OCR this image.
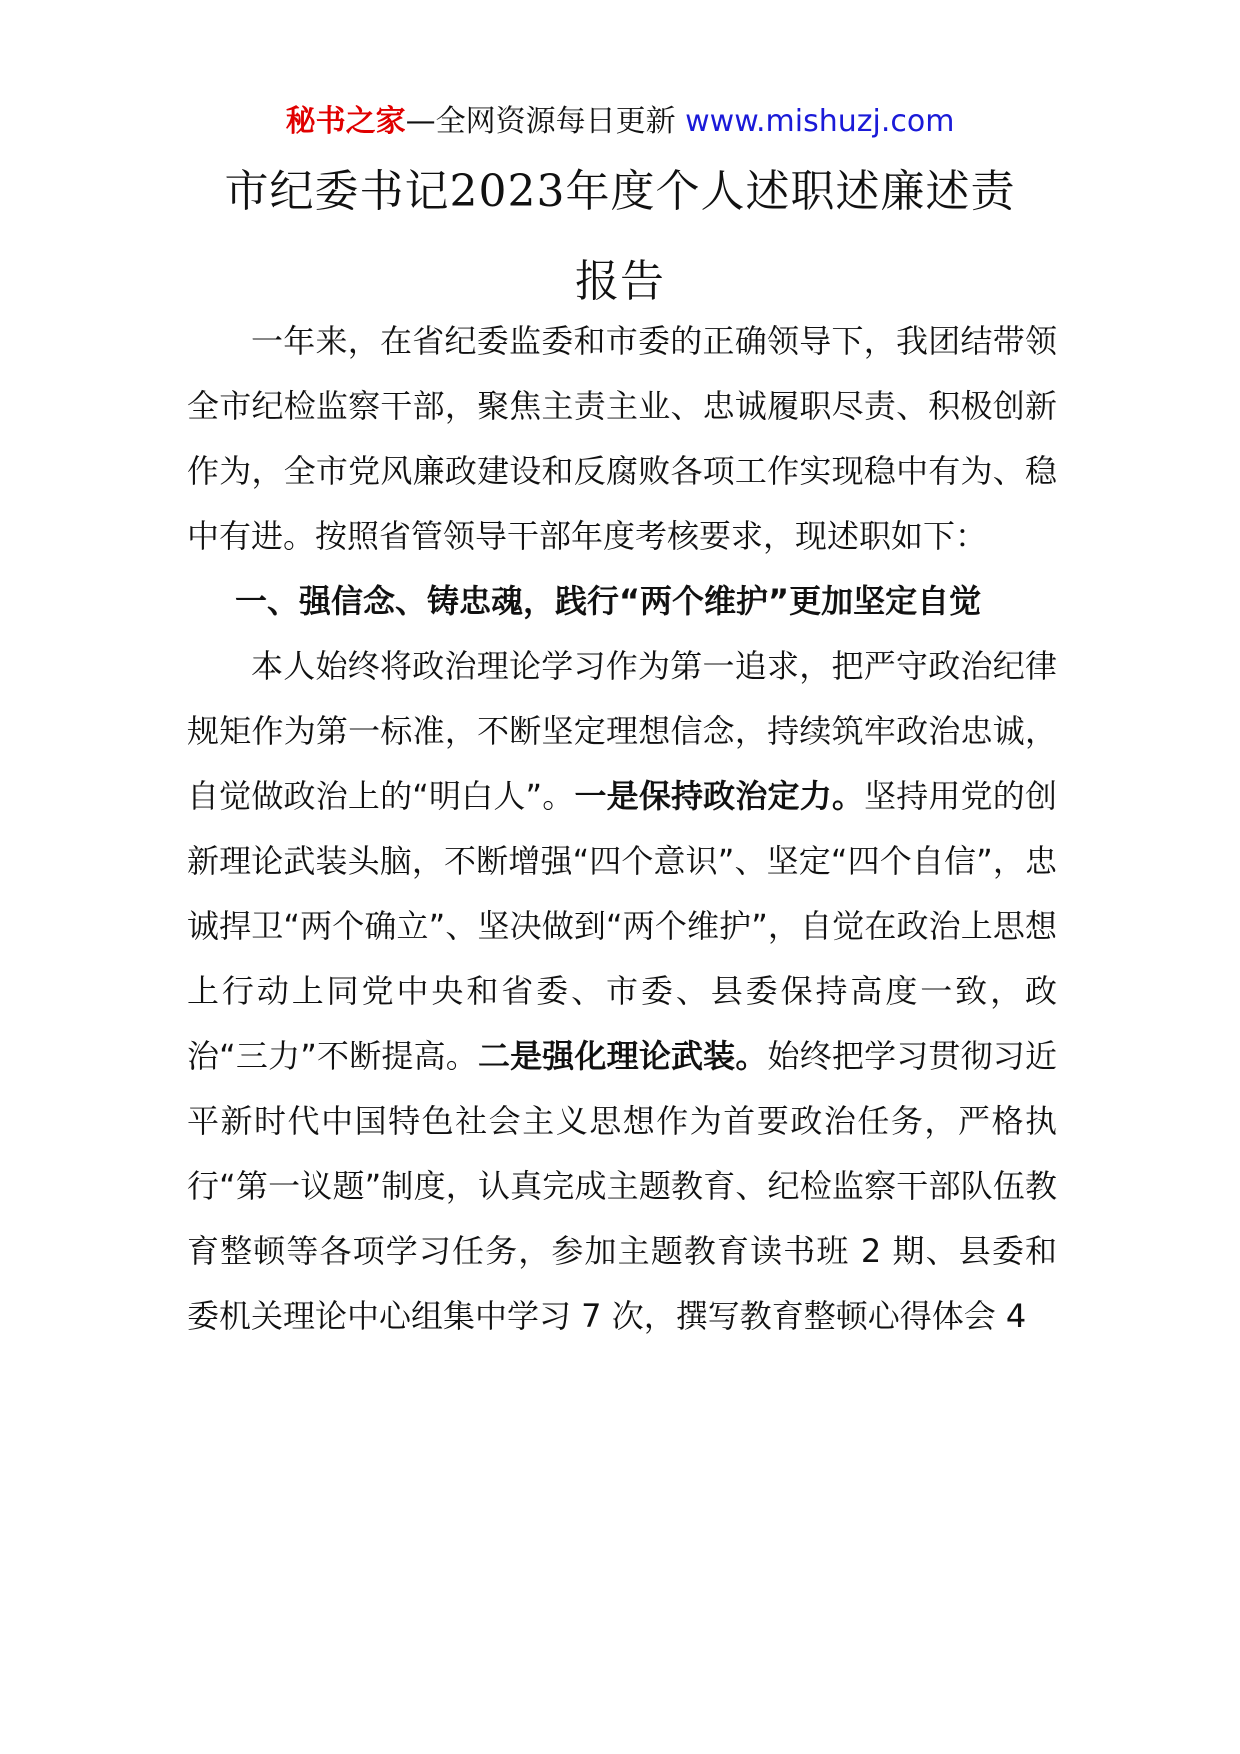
秘书之家—全网资源每日更新 www.mishuzj.com
市纪委书记2023年度个人述职述廉述责
报告

一年来，在省纪委监委和市委的正确领导下，我团结带领全市纪检监察干部，聚焦主责主业、忠诚履职尽责、积极创新作为，全市党风廉政建设和反腐败各项工作实现稳中有为、稳中有进。按照省管领导干部年度考核要求，现述职如下：

一、强信念、铸忠魂，践行“两个维护”更加坚定自觉

本人始终将政治理论学习作为第一追求，把严守政治纪律规矩作为第一标准，不断坚定理想信念，持续筑牢政治忠诚，自觉做政治上的“明白人”。一是保持政治定力。坚持用党的创新理论武装头脑，不断增强“四个意识”、坚定“四个自信”，忠诚捍卫“两个确立”、坚决做到“两个维护”，自觉在政治上思想上行动上同党中央和省委、市委、县委保持高度一致，政治“三力”不断提高。二是强化理论武装。始终把学习贯彻习近平新时代中国特色社会主义思想作为首要政治任务，严格执行“第一议题”制度，认真完成主题教育、纪检监察干部队伍教育整顿等各项学习任务，参加主题教育读书班 2 期、县委和委机关理论中心组集中学习 7 次，撰写教育整顿心得体会 4
